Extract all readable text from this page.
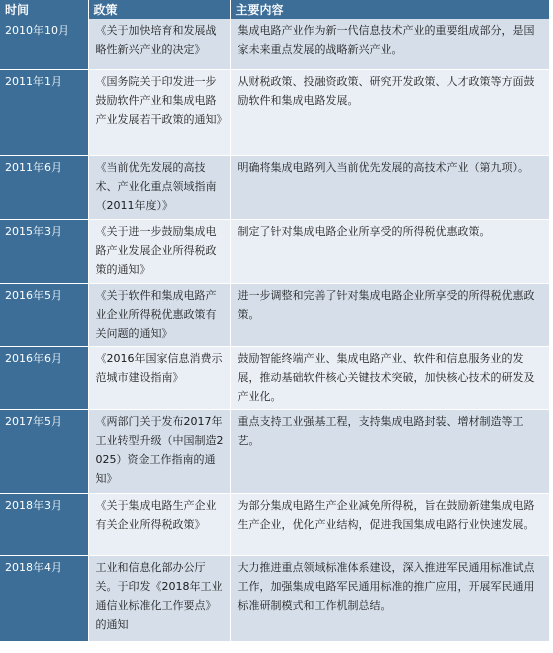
时间	政策	主要内容
2010年10月	《关于加快培育和发展战略性新兴产业的决定》	集成电路产业作为新一代信息技术产业的重要组成部分，是国家未来重点发展的战略新兴产业。
2011年1月	《国务院关于印发进一步鼓励软件产业和集成电路产业发展若干政策的通知》	从财税政策、投融资政策、研究开发政策、人才政策等方面鼓励软件和集成电路发展。
2011年6月	《当前优先发展的高技术、产业化重点领域指南（2011年度）》	明确将集成电路列入当前优先发展的高技术产业（第九项）。
2015年3月	《关于进一步鼓励集成电路产业发展企业所得税政策的通知》	制定了针对集成电路企业所享受的所得税优惠政策。
2016年5月	《关于软件和集成电路产业企业所得税优惠政策有关问题的通知》	进一步调整和完善了针对集成电路企业所享受的所得税优惠政策。
2016年6月	《2016年国家信息消费示范城市建设指南》	鼓励智能终端产业、集成电路产业、软件和信息服务业的发展，推动基础软件核心关键技术突破，加快核心技术的研发及产业化。
2017年5月	《两部门关于发布2017年工业转型升级（中国制造2025）资金工作指南的通知》	重点支持工业强基工程，支持集成电路封装、增材制造等工艺。
2018年3月	《关于集成电路生产企业有关企业所得税政策》	为部分集成电路生产企业减免所得税，旨在鼓励新建集成电路生产企业，优化产业结构，促进我国集成电路行业快速发展。
2018年4月	工业和信息化部办公厅关。于印发《2018年工业通信业标准化工作要点》的通知	大力推进重点领域标准体系建设，深入推进军民通用标准试点工作，加强集成电路军民通用标准的推广应用，开展军民通用标准研制模式和工作机制总结。
